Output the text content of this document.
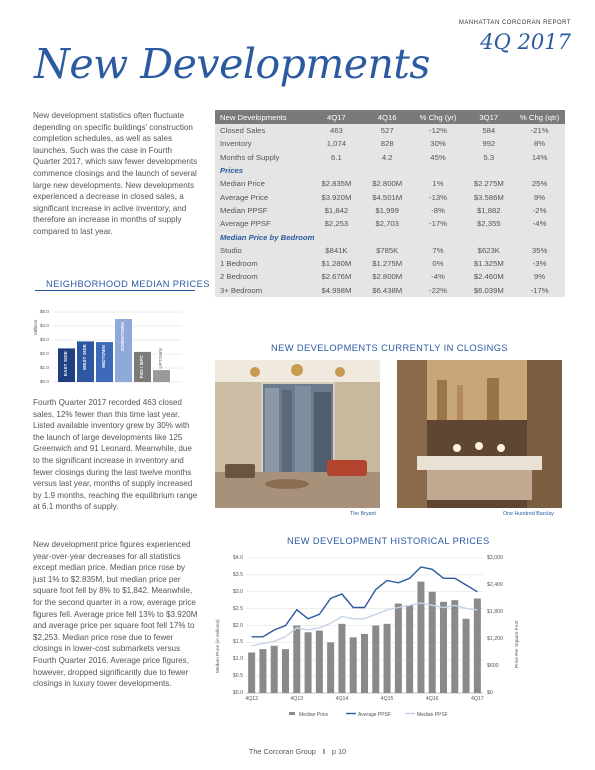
MANHATTAN CORCORAN REPORT
4Q 2017
New Developments
New development statistics often fluctuate depending on specific buildings' construction completion schedules, as well as sales launches. Such was the case in Fourth Quarter 2017, which saw fewer developments commence closings and the launch of several large new developments. New developments experienced a decrease in closed sales, a significant increase in active inventory, and therefore an increase in months of supply compared to last year.
NEIGHBORHOOD MEDIAN PRICES
Millions
$5.0
$4.0
$3.0
$2.0
$1.0
$0.0
EAST SIDE	WEST SIDE	MIDTOWN
DOWNTOWN
FIDI / BPC	UPTOWN
Fourth Quarter 2017 recorded 463 closed sales, 12% fewer than this time last year. Listed available inventory grew by 30% with the launch of large developments like 125 Greenwich and 91 Leonard. Meanwhile, due to the significant increase in inventory and fewer closings during the last twelve months versus last year, months of supply increased by 1.9 months, reaching the equilibrium range at 6.1 months of supply.
New development price figures experienced year-over-year decreases for all statistics except median price. Median price rose by just 1% to $2.835M, but median price per square foot fell by 8% to $1,842. Meanwhile, for the second quarter in a row, average price figures fell. Average price fell 13% to $3.920M and average price per square foot fell 17% to $2,253. Median price rose due to fewer closings in lower-cost submarkets versus Fourth Quarter 2016. Average price figures, however, dropped significantly due to fewer closings in luxury tower developments.
New Developments	4Q17	4Q16	% Chg (yr)	3Q17	% Chg (qtr)
Closed Sales	463	527	-12%	584	-21%
Inventory	1,074	828	30%	992	8%
Months of Supply	6.1	4.2	45%	5.3	14%
Prices
Median Price	$2.835M	$2.800M	1%	$2.275M	25%
Average Price	$3.920M	$4.501M	-13%	$3.586M	9%
Median PPSF	$1,842	$1,999	-8%	$1,882	-2%
Average PPSF	$2,253	$2,703	-17%	$2,355	-4%
Median Price by Bedroom
Studio	$841K	$785K	7%	$623K	35%
1 Bedroom	$1.280M	$1.275M	0%	$1.325M	-3%
2 Bedroom	$2.676M	$2.800M	-4%	$2.460M	9%
3+ Bedroom	$4.998M	$6.438M	-22%	$6.039M	-17%
NEW DEVELOPMENTS CURRENTLY IN CLOSINGS
The Bryant	One Hundred Barclay
NEW DEVELOPMENT HISTORICAL PRICES
Median Price	Average PPSF	Median PPSF
Median Price (in millions)	Price Per Square Foot
$4.0
$3.5
$3.0
$2.5
$2.0
$1.5
$1.0
$0.5
$0.0
$3,000
$2,400
$1,800
$1,200
$600
$0
4Q12	4Q13	4Q14	4Q15	4Q16	4Q17
The Corcoran Group I p 10
